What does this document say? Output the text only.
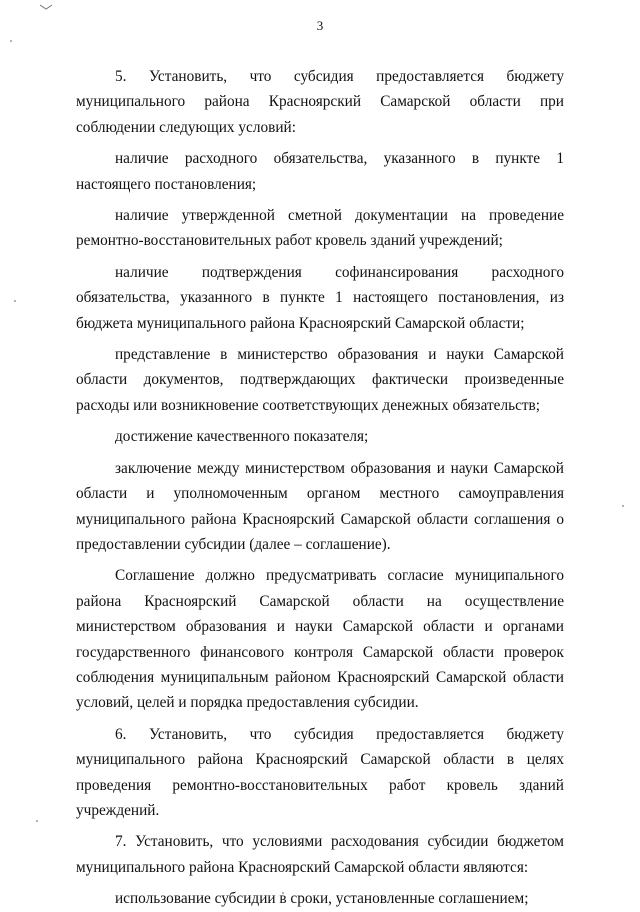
3

5. Установить, что субсидия предоставляется бюджету муниципального района Красноярский Самарской области при соблюдении следующих условий:

наличие расходного обязательства, указанного в пункте 1 настоящего постановления;

наличие утвержденной сметной документации на проведение ремонтно-восстановительных работ кровель зданий учреждений;

наличие подтверждения софинансирования расходного обязательства, указанного в пункте 1 настоящего постановления, из бюджета муниципального района Красноярский Самарской области;

представление в министерство образования и науки Самарской области документов, подтверждающих фактически произведенные расходы или возникновение соответствующих денежных обязательств;

достижение качественного показателя;

заключение между министерством образования и науки Самарской области и уполномоченным органом местного самоуправления муниципального района Красноярский Самарской области соглашения о предоставлении субсидии (далее – соглашение).

Соглашение должно предусматривать согласие муниципального района Красноярский Самарской области на осуществление министерством образования и науки Самарской области и органами государственного финансового контроля Самарской области проверок соблюдения муниципальным районом Красноярский Самарской области условий, целей и порядка предоставления субсидии.

6. Установить, что субсидия предоставляется бюджету муниципального района Красноярский Самарской области в целях проведения ремонтно-восстановительных работ кровель зданий учреждений.

7. Установить, что условиями расходования субсидии бюджетом муниципального района Красноярский Самарской области являются:

использование субсидии в сроки, установленные соглашением;
